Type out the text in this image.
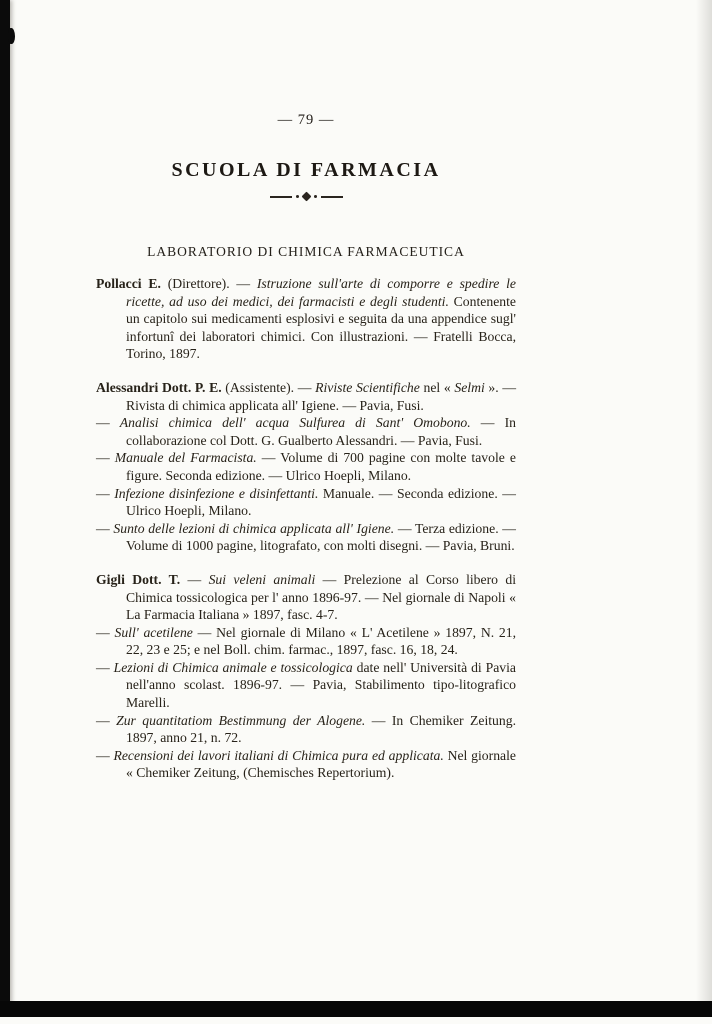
— 79 —
SCUOLA DI FARMACIA
LABORATORIO DI CHIMICA FARMACEUTICA

Pollacci E. (Direttore). — Istruzione sull'arte di comporre e spedire le ricette, ad uso dei medici, dei farmacisti e degli studenti. Contenente un capitolo sui medicamenti esplosivi e seguita da una appendice sugl' infortunî dei laboratori chimici. Con illustrazioni. — Fratelli Bocca, Torino, 1897.

Alessandri Dott. P. E. (Assistente). — Riviste Scientifiche nel « Selmi ». — Rivista di chimica applicata all' Igiene. — Pavia, Fusi.

— Analisi chimica dell' acqua Sulfurea di Sant' Omobono. — In collaborazione col Dott. G. Gualberto Alessandri. — Pavia, Fusi.

— Manuale del Farmacista. — Volume di 700 pagine con molte tavole e figure. Seconda edizione. — Ulrico Hoepli, Milano.

— Infezione disinfezione e disinfettanti. Manuale. — Seconda edizione. — Ulrico Hoepli, Milano.

— Sunto delle lezioni di chimica applicata all' Igiene. — Terza edizione. — Volume di 1000 pagine, litografato, con molti disegni. — Pavia, Bruni.

Gigli Dott. T. — Sui veleni animali — Prelezione al Corso libero di Chimica tossicologica per l' anno 1896-97. — Nel giornale di Napoli « La Farmacia Italiana » 1897, fasc. 4-7.

— Sull' acetilene — Nel giornale di Milano « L' Acetilene » 1897, N. 21, 22, 23 e 25; e nel Boll. chim. farmac., 1897, fasc. 16, 18, 24.

— Lezioni di Chimica animale e tossicologica date nell' Università di Pavia nell'anno scolast. 1896-97. — Pavia, Stabilimento tipo-litografico Marelli.

— Zur quantitatiom Bestimmung der Alogene. — In Chemiker Zeitung. 1897, anno 21, n. 72.

— Recensioni dei lavori italiani di Chimica pura ed applicata. Nel giornale « Chemiker Zeitung, (Chemisches Repertorium).
